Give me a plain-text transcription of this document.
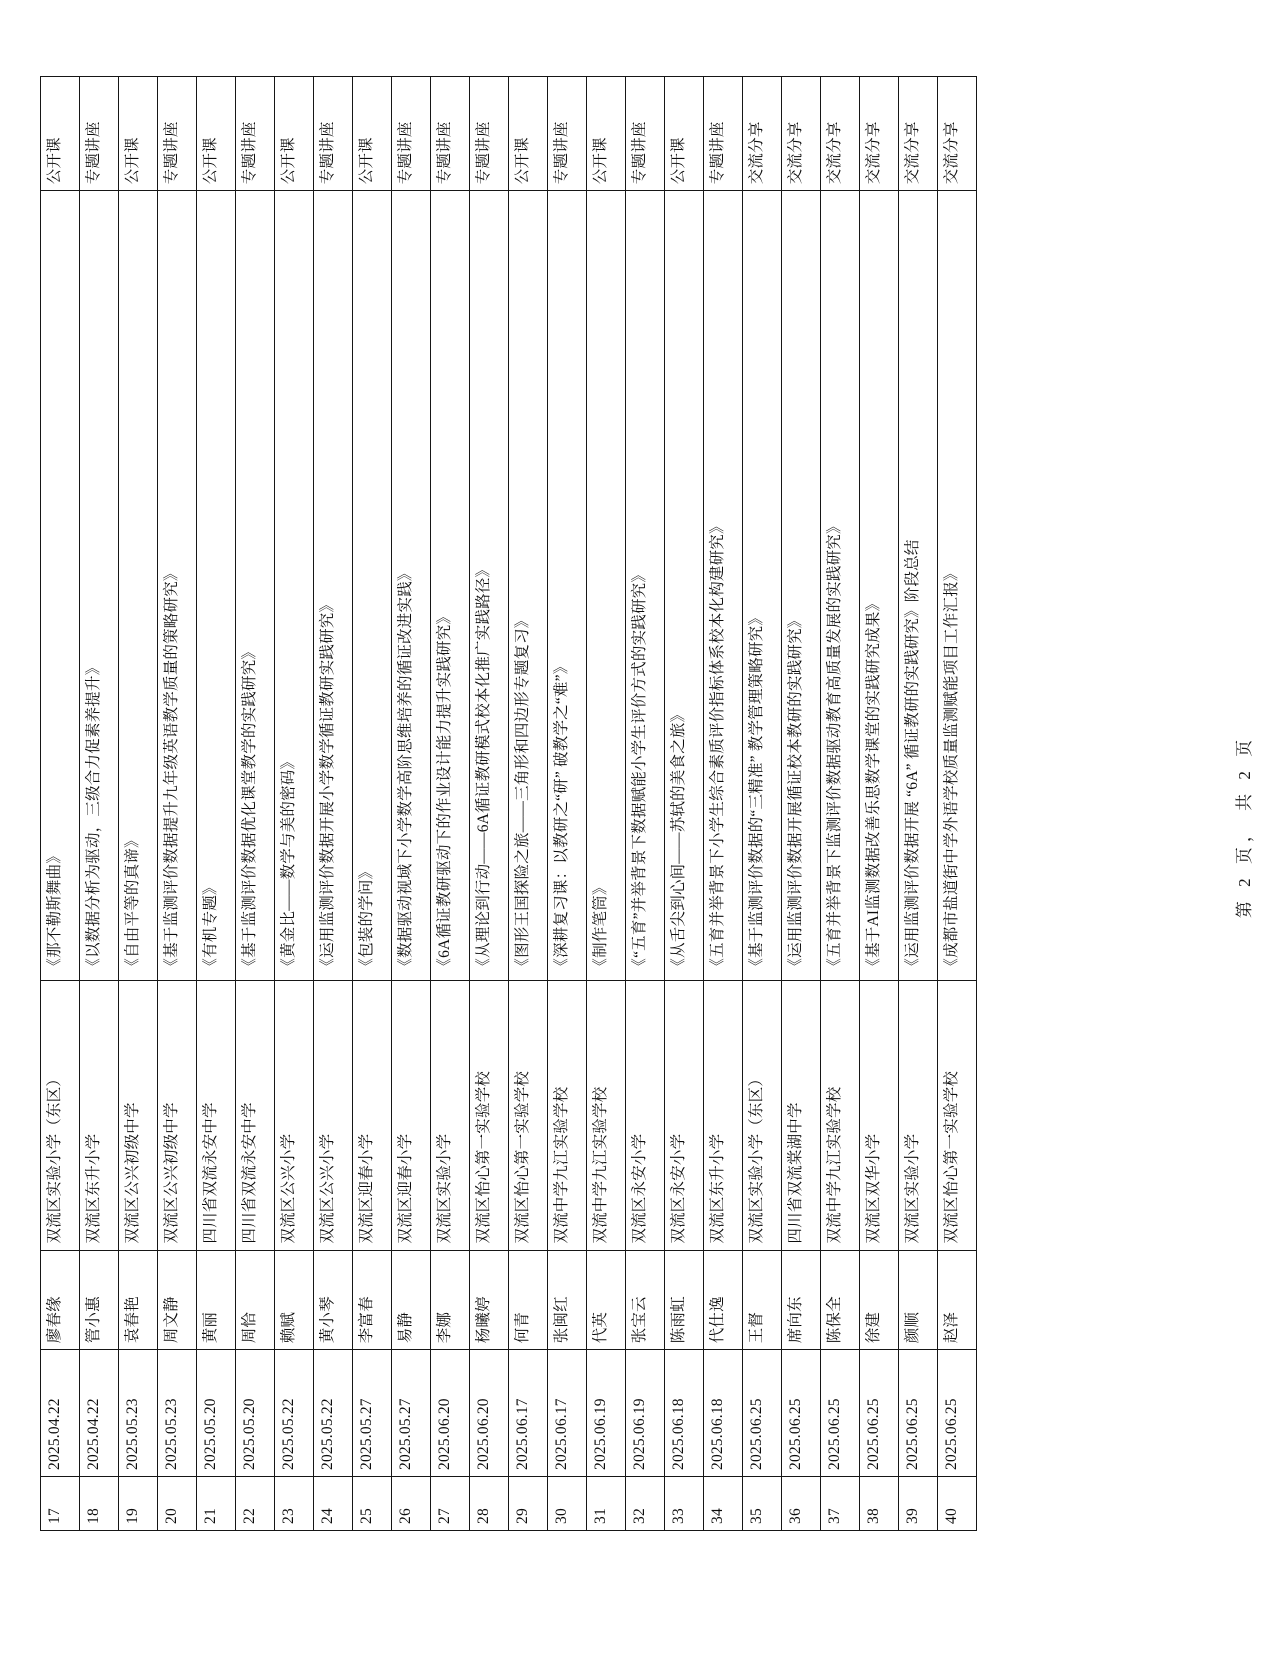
17	2025.04.22	廖春缘	双流区实验小学（东区）	《那不勒斯舞曲》	公开课
18	2025.04.22	管小惠	双流区东升小学	《以数据分析为驱动，三级合力促素养提升》	专题讲座
19	2025.05.23	袁春艳	双流区公兴初级中学	《自由平等的真谛》	公开课
20	2025.05.23	周文静	双流区公兴初级中学	《基于监测评价数据提升九年级英语教学质量的策略研究》	专题讲座
21	2025.05.20	黄丽	四川省双流永安中学	《有机专题》	公开课
22	2025.05.20	周恰	四川省双流永安中学	《基于监测评价数据优化课堂教学的实践研究》	专题讲座
23	2025.05.22	赖赋	双流区公兴小学	《黄金比——数学与美的密码》	公开课
24	2025.05.22	黄小琴	双流区公兴小学	《运用监测评价数据开展小学数学循证教研实践研究》	专题讲座
25	2025.05.27	李富春	双流区迎春小学	《包装的学问》	公开课
26	2025.05.27	易静	双流区迎春小学	《数据驱动视域下小学数学高阶思维培养的循证改进实践》	专题讲座
27	2025.06.20	李娜	双流区实验小学	《6A循证教研驱动下的作业设计能力提升实践研究》	专题讲座
28	2025.06.20	杨曦婷	双流区怡心第一实验学校	《从理论到行动——6A循证教研模式校本化推广实践路径》	专题讲座
29	2025.06.17	何青	双流区怡心第一实验学校	《图形王国探险之旅——三角形和四边形专题复习》	公开课
30	2025.06.17	张闽红	双流中学九江实验学校	《深耕复习课：以教研之“研” 破教学之“难”》	专题讲座
31	2025.06.19	代英	双流中学九江实验学校	《制作笔筒》	公开课
32	2025.06.19	张宝云	双流区永安小学	《“五育”并举背景下数据赋能小学生评价方式的实践研究》	专题讲座
33	2025.06.18	陈雨虹	双流区永安小学	《从舌尖到心间——苏轼的美食之旅》	公开课
34	2025.06.18	代仕逸	双流区东升小学	《五育并举背景下小学生综合素质评价指标体系校本化构建研究》	专题讲座
35	2025.06.25	王督	双流区实验小学（东区）	《基于监测评价数据的“三精准” 教学管理策略研究》	交流分享
36	2025.06.25	席向东	四川省双流棠湖中学	《运用监测评价数据开展循证校本教研的实践研究》	交流分享
37	2025.06.25	陈保全	双流中学九江实验学校	《五育并举背景下监测评价数据驱动教育高质量发展的实践研究》	交流分享
38	2025.06.25	徐建	双流区双华小学	《基于AI监测数据改善乐思数学课堂的实践研究成果》	交流分享
39	2025.06.25	颜顺	双流区实验小学	《运用监测评价数据开展 “6A” 循证教研的实践研究》阶段总结	交流分享
40	2025.06.25	赵泽	双流区怡心第一实验学校	《成都市盐道街中学外语学校质量监测赋能项目工作汇报》	交流分享
第 2 页， 共 2 页
